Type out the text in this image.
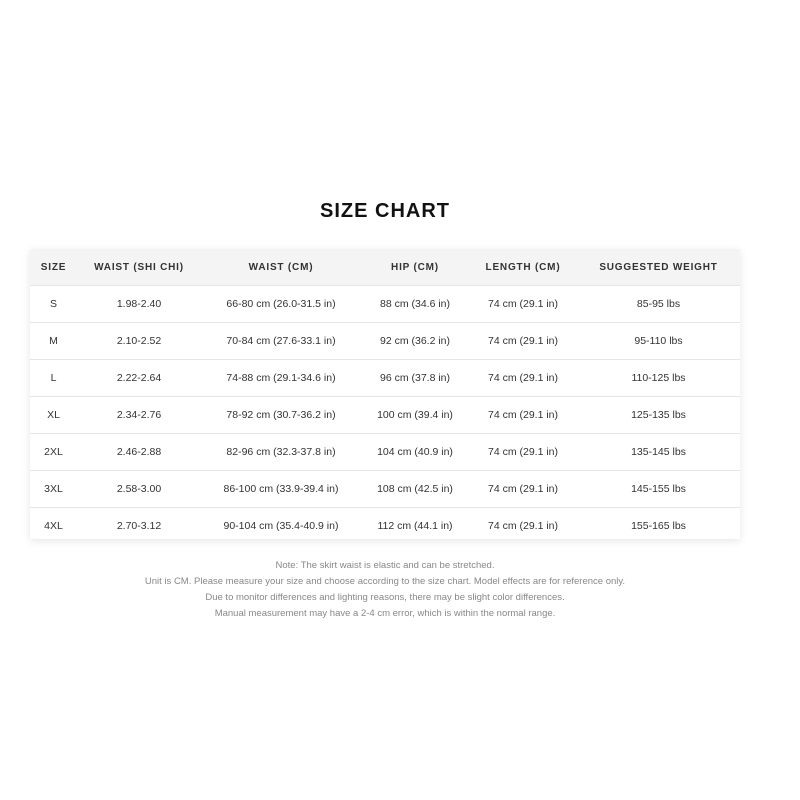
SIZE CHART
SIZE	WAIST (SHI CHI)	WAIST (CM)	HIP (CM)	LENGTH (CM)	SUGGESTED WEIGHT
S	1.98-2.40	66-80 cm (26.0-31.5 in)	88 cm (34.6 in)	74 cm (29.1 in)	85-95 lbs
M	2.10-2.52	70-84 cm (27.6-33.1 in)	92 cm (36.2 in)	74 cm (29.1 in)	95-110 lbs
L	2.22-2.64	74-88 cm (29.1-34.6 in)	96 cm (37.8 in)	74 cm (29.1 in)	110-125 lbs
XL	2.34-2.76	78-92 cm (30.7-36.2 in)	100 cm (39.4 in)	74 cm (29.1 in)	125-135 lbs
2XL	2.46-2.88	82-96 cm (32.3-37.8 in)	104 cm (40.9 in)	74 cm (29.1 in)	135-145 lbs
3XL	2.58-3.00	86-100 cm (33.9-39.4 in)	108 cm (42.5 in)	74 cm (29.1 in)	145-155 lbs
4XL	2.70-3.12	90-104 cm (35.4-40.9 in)	112 cm (44.1 in)	74 cm (29.1 in)	155-165 lbs
Note: The skirt waist is elastic and can be stretched.
Unit is CM. Please measure your size and choose according to the size chart. Model effects are for reference only.
Due to monitor differences and lighting reasons, there may be slight color differences.
Manual measurement may have a 2-4 cm error, which is within the normal range.
